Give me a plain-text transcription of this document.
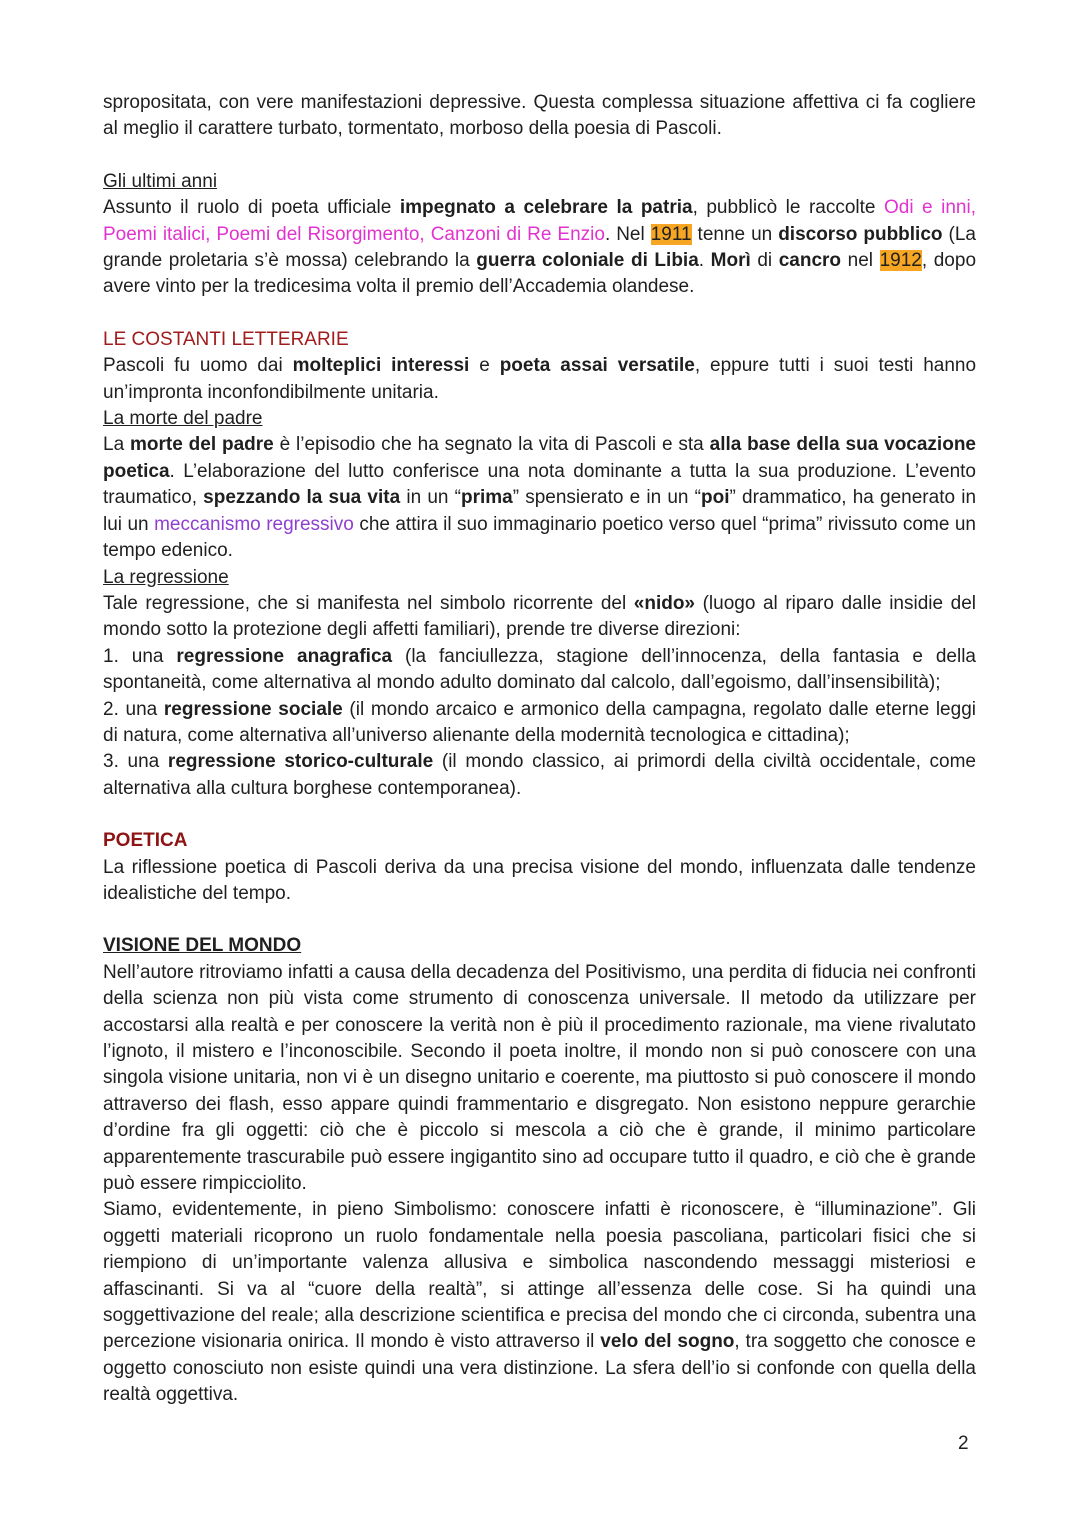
spropositata, con vere manifestazioni depressive. Questa complessa situazione affettiva ci fa cogliere al meglio il carattere turbato, tormentato, morboso della poesia di Pascoli.

Gli ultimi anni

Assunto il ruolo di poeta ufficiale impegnato a celebrare la patria, pubblicò le raccolte Odi e inni, Poemi italici, Poemi del Risorgimento, Canzoni di Re Enzio. Nel 1911 tenne un discorso pubblico (La grande proletaria s’è mossa) celebrando la guerra coloniale di Libia. Morì di cancro nel 1912, dopo avere vinto per la tredicesima volta il premio dell’Accademia olandese.

LE COSTANTI LETTERARIE

Pascoli fu uomo dai molteplici interessi e poeta assai versatile, eppure tutti i suoi testi hanno un’impronta inconfondibilmente unitaria.

La morte del padre

La morte del padre è l’episodio che ha segnato la vita di Pascoli e sta alla base della sua vocazione poetica. L’elaborazione del lutto conferisce una nota dominante a tutta la sua produzione. L’evento traumatico, spezzando la sua vita in un “prima” spensierato e in un “poi” drammatico, ha generato in lui un meccanismo regressivo che attira il suo immaginario poetico verso quel “prima” rivissuto come un tempo edenico.

La regressione

Tale regressione, che si manifesta nel simbolo ricorrente del «nido» (luogo al riparo dalle insidie del mondo sotto la protezione degli affetti familiari), prende tre diverse direzioni:

1. una regressione anagrafica (la fanciullezza, stagione dell’innocenza, della fantasia e della spontaneità, come alternativa al mondo adulto dominato dal calcolo, dall’egoismo, dall’insensibilità);

2. una regressione sociale (il mondo arcaico e armonico della campagna, regolato dalle eterne leggi di natura, come alternativa all’universo alienante della modernità tecnologica e cittadina);

3. una regressione storico-culturale (il mondo classico, ai primordi della civiltà occidentale, come alternativa alla cultura borghese contemporanea).

POETICA

La riflessione poetica di Pascoli deriva da una precisa visione del mondo, influenzata dalle tendenze idealistiche del tempo.

VISIONE DEL MONDO

Nell’autore ritroviamo infatti a causa della decadenza del Positivismo, una perdita di fiducia nei confronti della scienza non più vista come strumento di conoscenza universale. Il metodo da utilizzare per accostarsi alla realtà e per conoscere la verità non è più il procedimento razionale, ma viene rivalutato l’ignoto, il mistero e l’inconoscibile. Secondo il poeta inoltre, il mondo non si può conoscere con una singola visione unitaria, non vi è un disegno unitario e coerente, ma piuttosto si può conoscere il mondo attraverso dei flash, esso appare quindi frammentario e disgregato. Non esistono neppure gerarchie d’ordine fra gli oggetti: ciò che è piccolo si mescola a ciò che è grande, il minimo particolare apparentemente trascurabile può essere ingigantito sino ad occupare tutto il quadro, e ciò che è grande può essere rimpicciolito.

Siamo, evidentemente, in pieno Simbolismo: conoscere infatti è riconoscere, è “illuminazione”. Gli oggetti materiali ricoprono un ruolo fondamentale nella poesia pascoliana, particolari fisici che si riempiono di un’importante valenza allusiva e simbolica nascondendo messaggi misteriosi e affascinanti. Si va al “cuore della realtà”, si attinge all’essenza delle cose. Si ha quindi una soggettivazione del reale; alla descrizione scientifica e precisa del mondo che ci circonda, subentra una percezione visionaria onirica. Il mondo è visto attraverso il velo del sogno, tra soggetto che conosce e oggetto conosciuto non esiste quindi una vera distinzione. La sfera dell’io si confonde con quella della realtà oggettiva.

2
